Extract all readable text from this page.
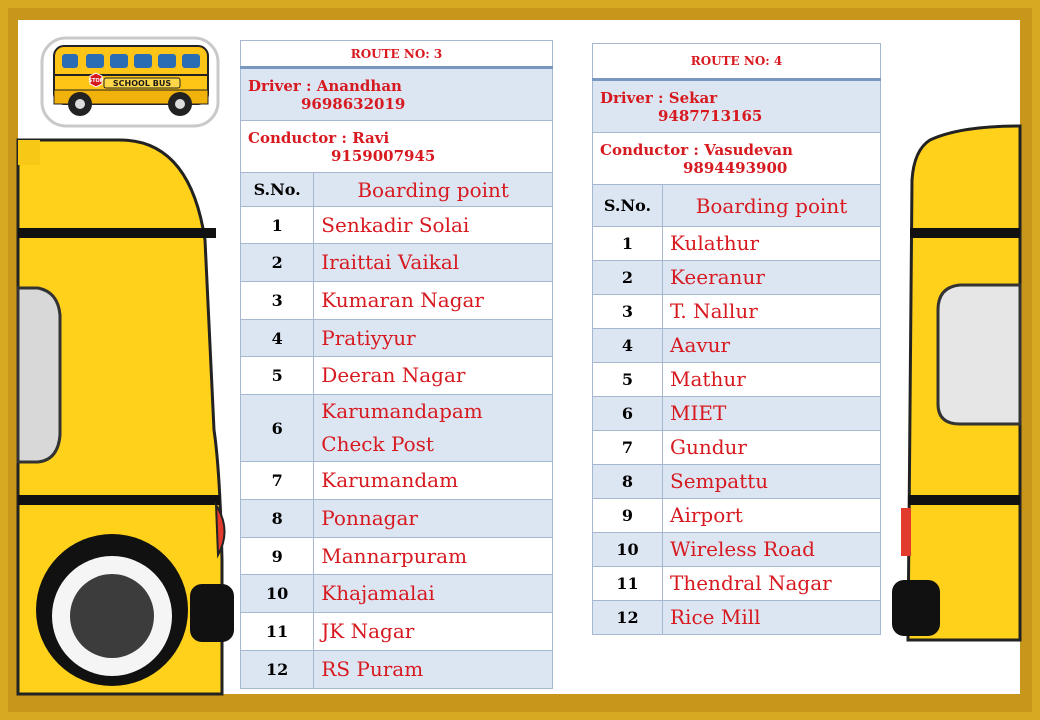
SCHOOL BUS
STOP
ROUTE NO: 3	

Driver : Anandhan
9698632019	

Conductor : Ravi
9159007945	

S.No.	Boarding point
1	Senkadir Solai
2	Iraittai Vaikal
3	Kumaran Nagar
4	Pratiyyur
5	Deeran Nagar
6	Karumandapam Check Post
7	Karumandam
8	Ponnagar
9	Mannarpuram
10	Khajamalai
11	JK Nagar
12	RS Puram
ROUTE NO: 4	

Driver : Sekar
9487713165	

Conductor : Vasudevan
9894493900	

S.No.	Boarding point
1	Kulathur
2	Keeranur
3	T. Nallur
4	Aavur
5	Mathur
6	MIET
7	Gundur
8	Sempattu
9	Airport
10	Wireless Road
11	Thendral Nagar
12	Rice Mill
